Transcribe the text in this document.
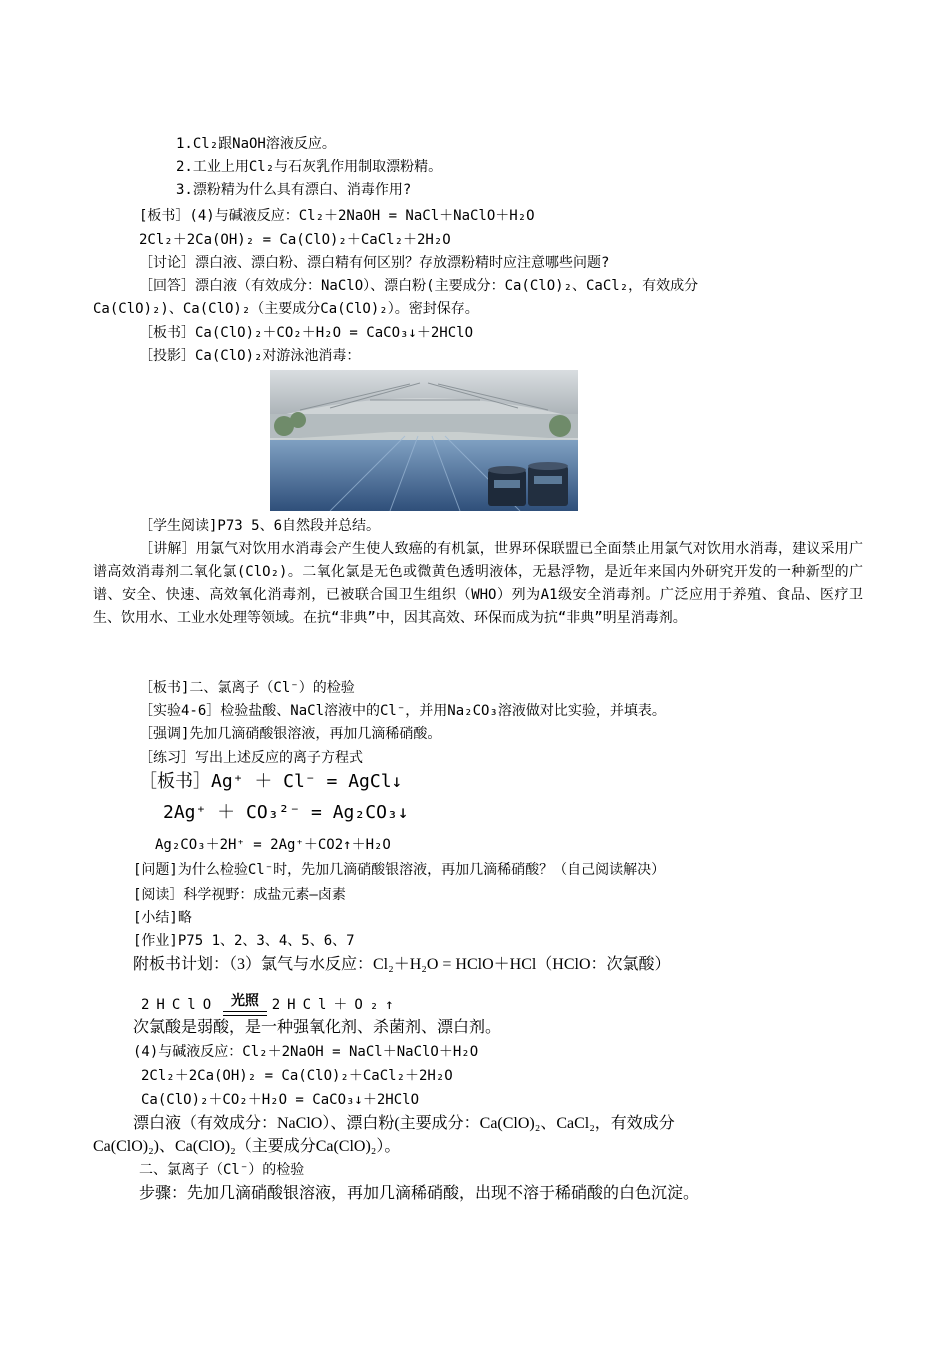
1.Cl₂跟NaOH溶液反应。
2.工业上用Cl₂与石灰乳作用制取漂粉精。
3.漂粉精为什么具有漂白、消毒作用?
[板书］(4)与碱液反应：Cl₂＋2NaOH = NaCl＋NaClO＋H₂O
2Cl₂＋2Ca(OH)₂ = Ca(ClO)₂＋CaCl₂＋2H₂O
［讨论］漂白液、漂白粉、漂白精有何区别？存放漂粉精时应注意哪些问题?
［回答］漂白液（有效成分：NaClO）、漂白粉(主要成分：Ca(ClO)₂、CaCl₂，有效成分
Ca(ClO)₂)、Ca(ClO)₂（主要成分Ca(ClO)₂）。密封保存。
［板书］Ca(ClO)₂＋CO₂＋H₂O = CaCO₃↓＋2HClO
［投影］Ca(ClO)₂对游泳池消毒：
［学生阅读]P73 5、6自然段并总结。
［讲解］用氯气对饮用水消毒会产生使人致癌的有机氯，世界环保联盟已全面禁止用氯气对饮用水消毒，建议采用广谱高效消毒剂二氧化氯(ClO₂)。二氧化氯是无色或微黄色透明液体，无悬浮物，是近年来国内外研究开发的一种新型的广谱、安全、快速、高效氧化消毒剂，已被联合国卫生组织（WHO）列为A1级安全消毒剂。广泛应用于养殖、食品、医疗卫生、饮用水、工业水处理等领域。在抗“非典”中，因其高效、环保而成为抗“非典”明星消毒剂。
［板书]二、氯离子（Cl⁻）的检验
［实验4-6］检验盐酸、NaCl溶液中的Cl⁻，并用Na₂CO₃溶液做对比实验，并填表。
［强调]先加几滴硝酸银溶液，再加几滴稀硝酸。
［练习］写出上述反应的离子方程式
［板书］Ag⁺ ＋ Cl⁻ = AgCl↓
2Ag⁺ ＋ CO₃²⁻ = Ag₂CO₃↓
Ag₂CO₃＋2H⁺ = 2Ag⁺＋CO2↑＋H₂O
[问题]为什么检验Cl⁻时，先加几滴硝酸银溶液，再加几滴稀硝酸？（自己阅读解决）
[阅读］科学视野：成盐元素—卤素
[小结]略
[作业]P75 1、2、3、4、5、6、7
附板书计划：（3）氯气与水反应：Cl₂＋H₂O = HClO＋HCl（HClO：次氯酸）
2HClO 光照 2HCl＋O₂↑
次氯酸是弱酸，是一种强氧化剂、杀菌剂、漂白剂。
(4)与碱液反应：Cl₂＋2NaOH = NaCl＋NaClO＋H₂O
2Cl₂＋2Ca(OH)₂ = Ca(ClO)₂＋CaCl₂＋2H₂O
Ca(ClO)₂＋CO₂＋H₂O = CaCO₃↓＋2HClO
漂白液（有效成分：NaClO）、漂白粉(主要成分：Ca(ClO)₂、CaCl₂，有效成分
Ca(ClO)₂)、Ca(ClO)₂（主要成分Ca(ClO)₂）。
二、氯离子（Cl⁻）的检验
步骤：先加几滴硝酸银溶液，再加几滴稀硝酸，出现不溶于稀硝酸的白色沉淀。
